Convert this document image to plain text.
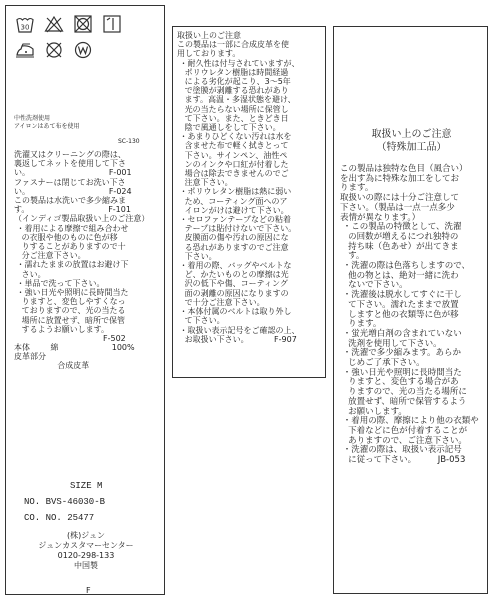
30
中性洗剤使用
アイロンはあて布を使用
SC-130
洗濯又はクリーニングの際は、
裏返してネットを使用して下さ
い。                               F-001
ファスナーは閉じてお洗い下さ
い。                               F-024
この製品は水洗いで多少縮みま
す。                               F-101
（インディゴ製品取扱い上のご注意）
・着用による摩擦で組み合わせ
の衣服や他のものに色が移
りすることがありますので十
分ご注意下さい。
・濡れたままの放置はお避け下
さい。
・単品で洗って下さい。
・強い日光や照明に長時間当た
りますと、変色しやすくなっ
ておりますので、光の当たる
場所に放置せず、暗所で保管
するようお願いします。
F-502
本体        綿                     100%
皮革部分
合成皮革
SIZE M
NO. BVS-46030-B
CO. NO. 25477
(株)ジュン
ジュンカスタマーセンター
0120-298-133
中国製
F
取扱い上のご注意
この製品は一部に合成皮革を使
用しております。
・耐久性は付与されていますが、
ポリウレタン樹脂は時間経過
による劣化が起こり、3〜5年
で塗膜が剥離する恐れがあり
ます。高温・多湿状態を避け、
光の当たらない場所に保管し
て下さい。また、ときどき日
陰で風通しをして下さい。
・あまりひどくない汚れは水を
含ませた布で軽く拭きとって
下さい。サインペン、油性ペ
ンのインクや口紅が付着した
場合は除去できませんのでご
注意下さい。
・ポリウレタン樹脂は熱に弱い
ため、コーティング面へのア
イロンがけは避けて下さい。
・セロファンテープなどの粘着
テープは貼付けないで下さい。
皮膜面の傷や汚れの原因にな
る恐れがありますのでご注意
下さい。
・着用の際、バッグやベルトな
ど、かたいものとの摩擦は光
沢の低下や傷、コーティング
面の剥離の原因になりますの
で十分ご注意下さい。
・本体付属のベルトは取り外し
て下さい。
・取扱い表示記号をご確認の上、
お取扱い下さい。          F-907
取扱い上のご注意
（特殊加工品）
この製品は独特な色目（風合い）
を出す為に特殊な加工をしてお
ります。
取扱いの際には十分ご注意して
下さい。（製品は一点一点多少
表情が異なります。）
・この製品の特徴として、洗濯
の回数が増えるにつれ独特の
持ち味（色あせ）が出てきま
す。
・洗濯の際は色落ちしますので、
他の物とは、絶対一緒に洗わ
ないで下さい。
・洗濯後は脱水してすぐに干し
て下さい。濡れたままで放置
しますと他の衣類等に色が移
ります。
・蛍光増白剤の含まれていない
洗剤を使用して下さい。
・洗濯で多少縮みます。あらか
じめご了承下さい。
・強い日光や照明に長時間当た
りますと、変色する場合があ
りますので、光の当たる場所に
放置せず、暗所で保管するよう
お願いします。
・着用の際、摩擦により他の衣類や
下着などに色が付着することが
ありますので、ご注意下さい。
・洗濯の際は、取扱い表示記号
に従って下さい。        JB-053
